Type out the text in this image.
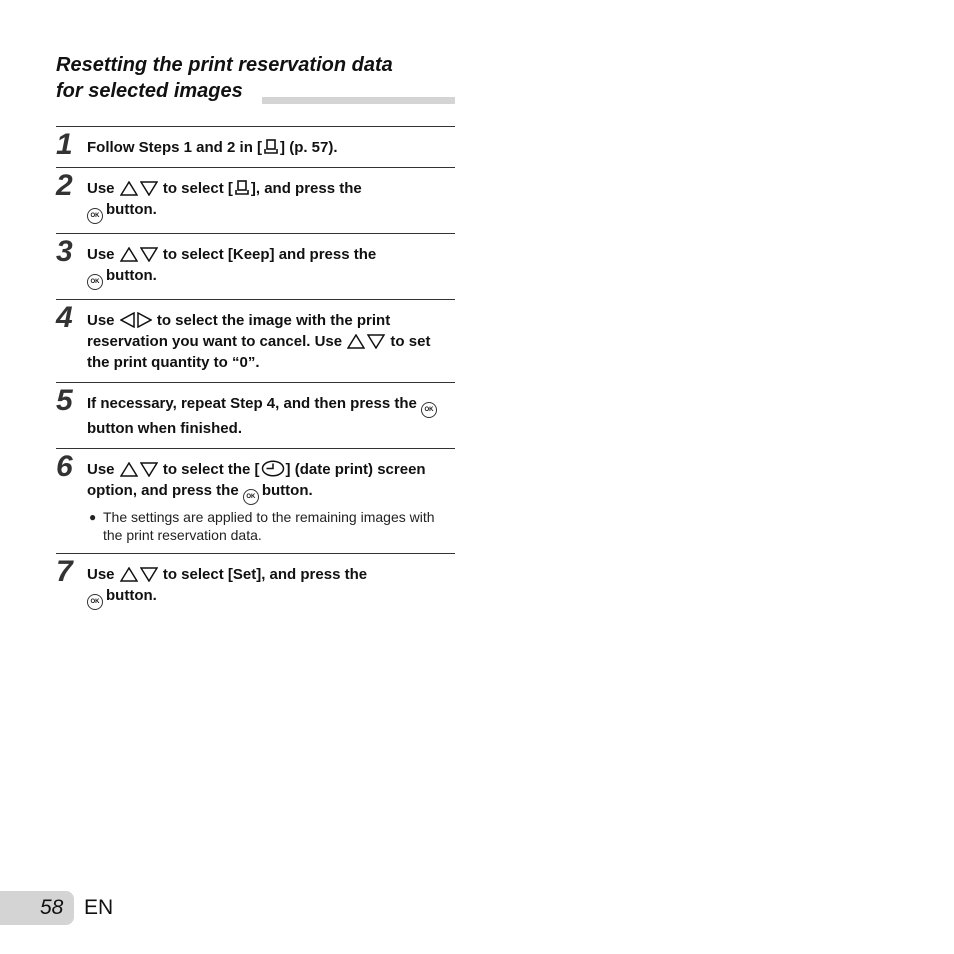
Resetting the print reservation data
for selected images
1 Follow Steps 1 and 2 in [ ] (p. 57).
2 Use	to select [ ], and press the
OK button.
3 Use	to select [Keep] and press the
OK button.
4 Use  to select the image with the print reservation you want to cancel. Use	to set the print quantity to “0”.
5 If necessary, repeat Step 4, and then press the OKbutton when finished.
6 Use	to select the [ ] (date print) screen option, and press the OK button.
● The settings are applied to the remaining images with the print reservation data.
7 Use	to select [Set], and press the
OK button.
58 EN
